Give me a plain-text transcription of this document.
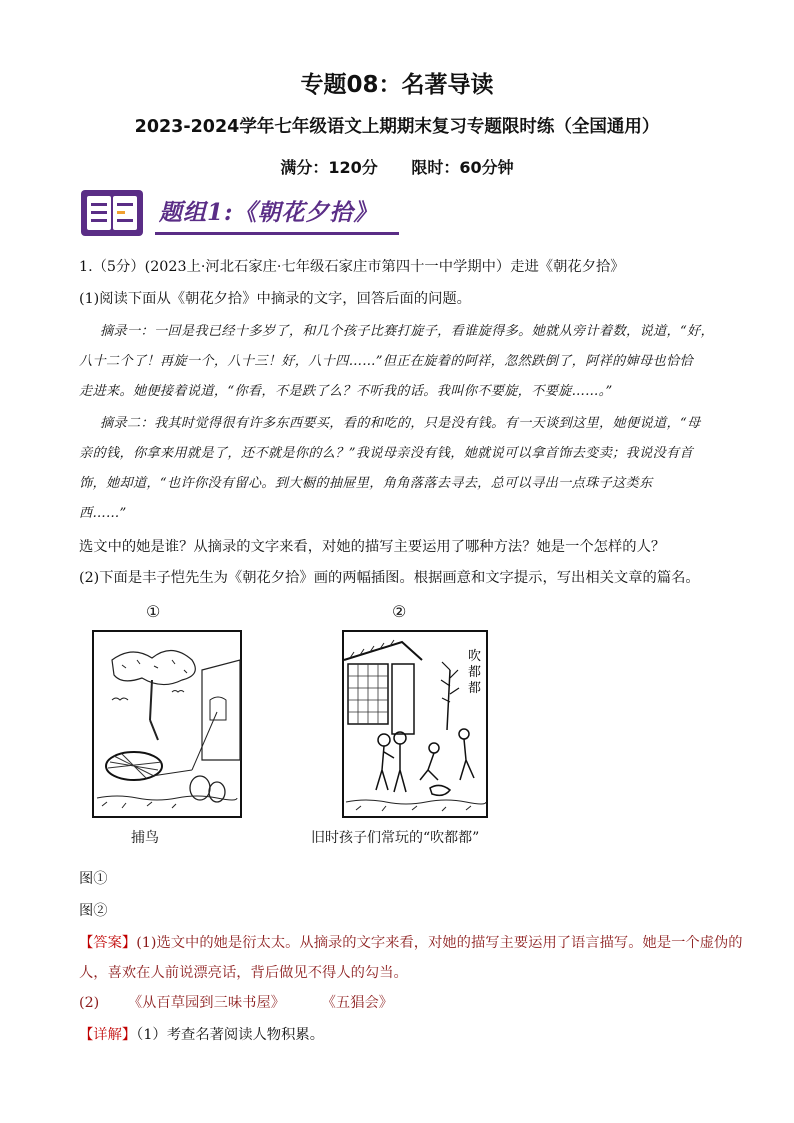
专题08：名著导读
2023-2024学年七年级语文上期期末复习专题限时练（全国通用）
满分：120分 限时：60分钟
题组1:《朝花夕拾》
1.（5分）(2023上·河北石家庄·七年级石家庄市第四十一中学期中）走进《朝花夕拾》
(1)阅读下面从《朝花夕拾》中摘录的文字，回答后面的问题。
摘录一：一回是我已经十多岁了，和几个孩子比赛打旋子，看谁旋得多。她就从旁计着数，说道，“好，
八十二个了！再旋一个，八十三！好，八十四……”但正在旋着的阿祥，忽然跌倒了，阿祥的婶母也恰恰
走进来。她便接着说道，“你看，不是跌了么？不听我的话。我叫你不要旋，不要旋……。”
摘录二：我其时觉得很有许多东西要买，看的和吃的，只是没有钱。有一天谈到这里，她便说道，“母
亲的钱，你拿来用就是了，还不就是你的么？”我说母亲没有钱，她就说可以拿首饰去变卖；我说没有首
饰，她却道，“也许你没有留心。到大橱的抽屉里，角角落落去寻去，总可以寻出一点珠子这类东
西……”
选文中的她是谁？从摘录的文字来看，对她的描写主要运用了哪种方法？她是一个怎样的人？
(2)下面是丰子恺先生为《朝花夕拾》画的两幅插图。根据画意和文字提示，写出相关文章的篇名。
①	②
吹
都
都
捕鸟	旧时孩子们常玩的“吹都都”
图①
图②
【答案】(1)选文中的她是衍太太。从摘录的文字来看，对她的描写主要运用了语言描写。她是一个虚伪的
人，喜欢在人前说漂亮话，背后做见不得人的勾当。
(2) 《从百草园到三味书屋》	《五猖会》
【详解】（1）考查名著阅读人物积累。
